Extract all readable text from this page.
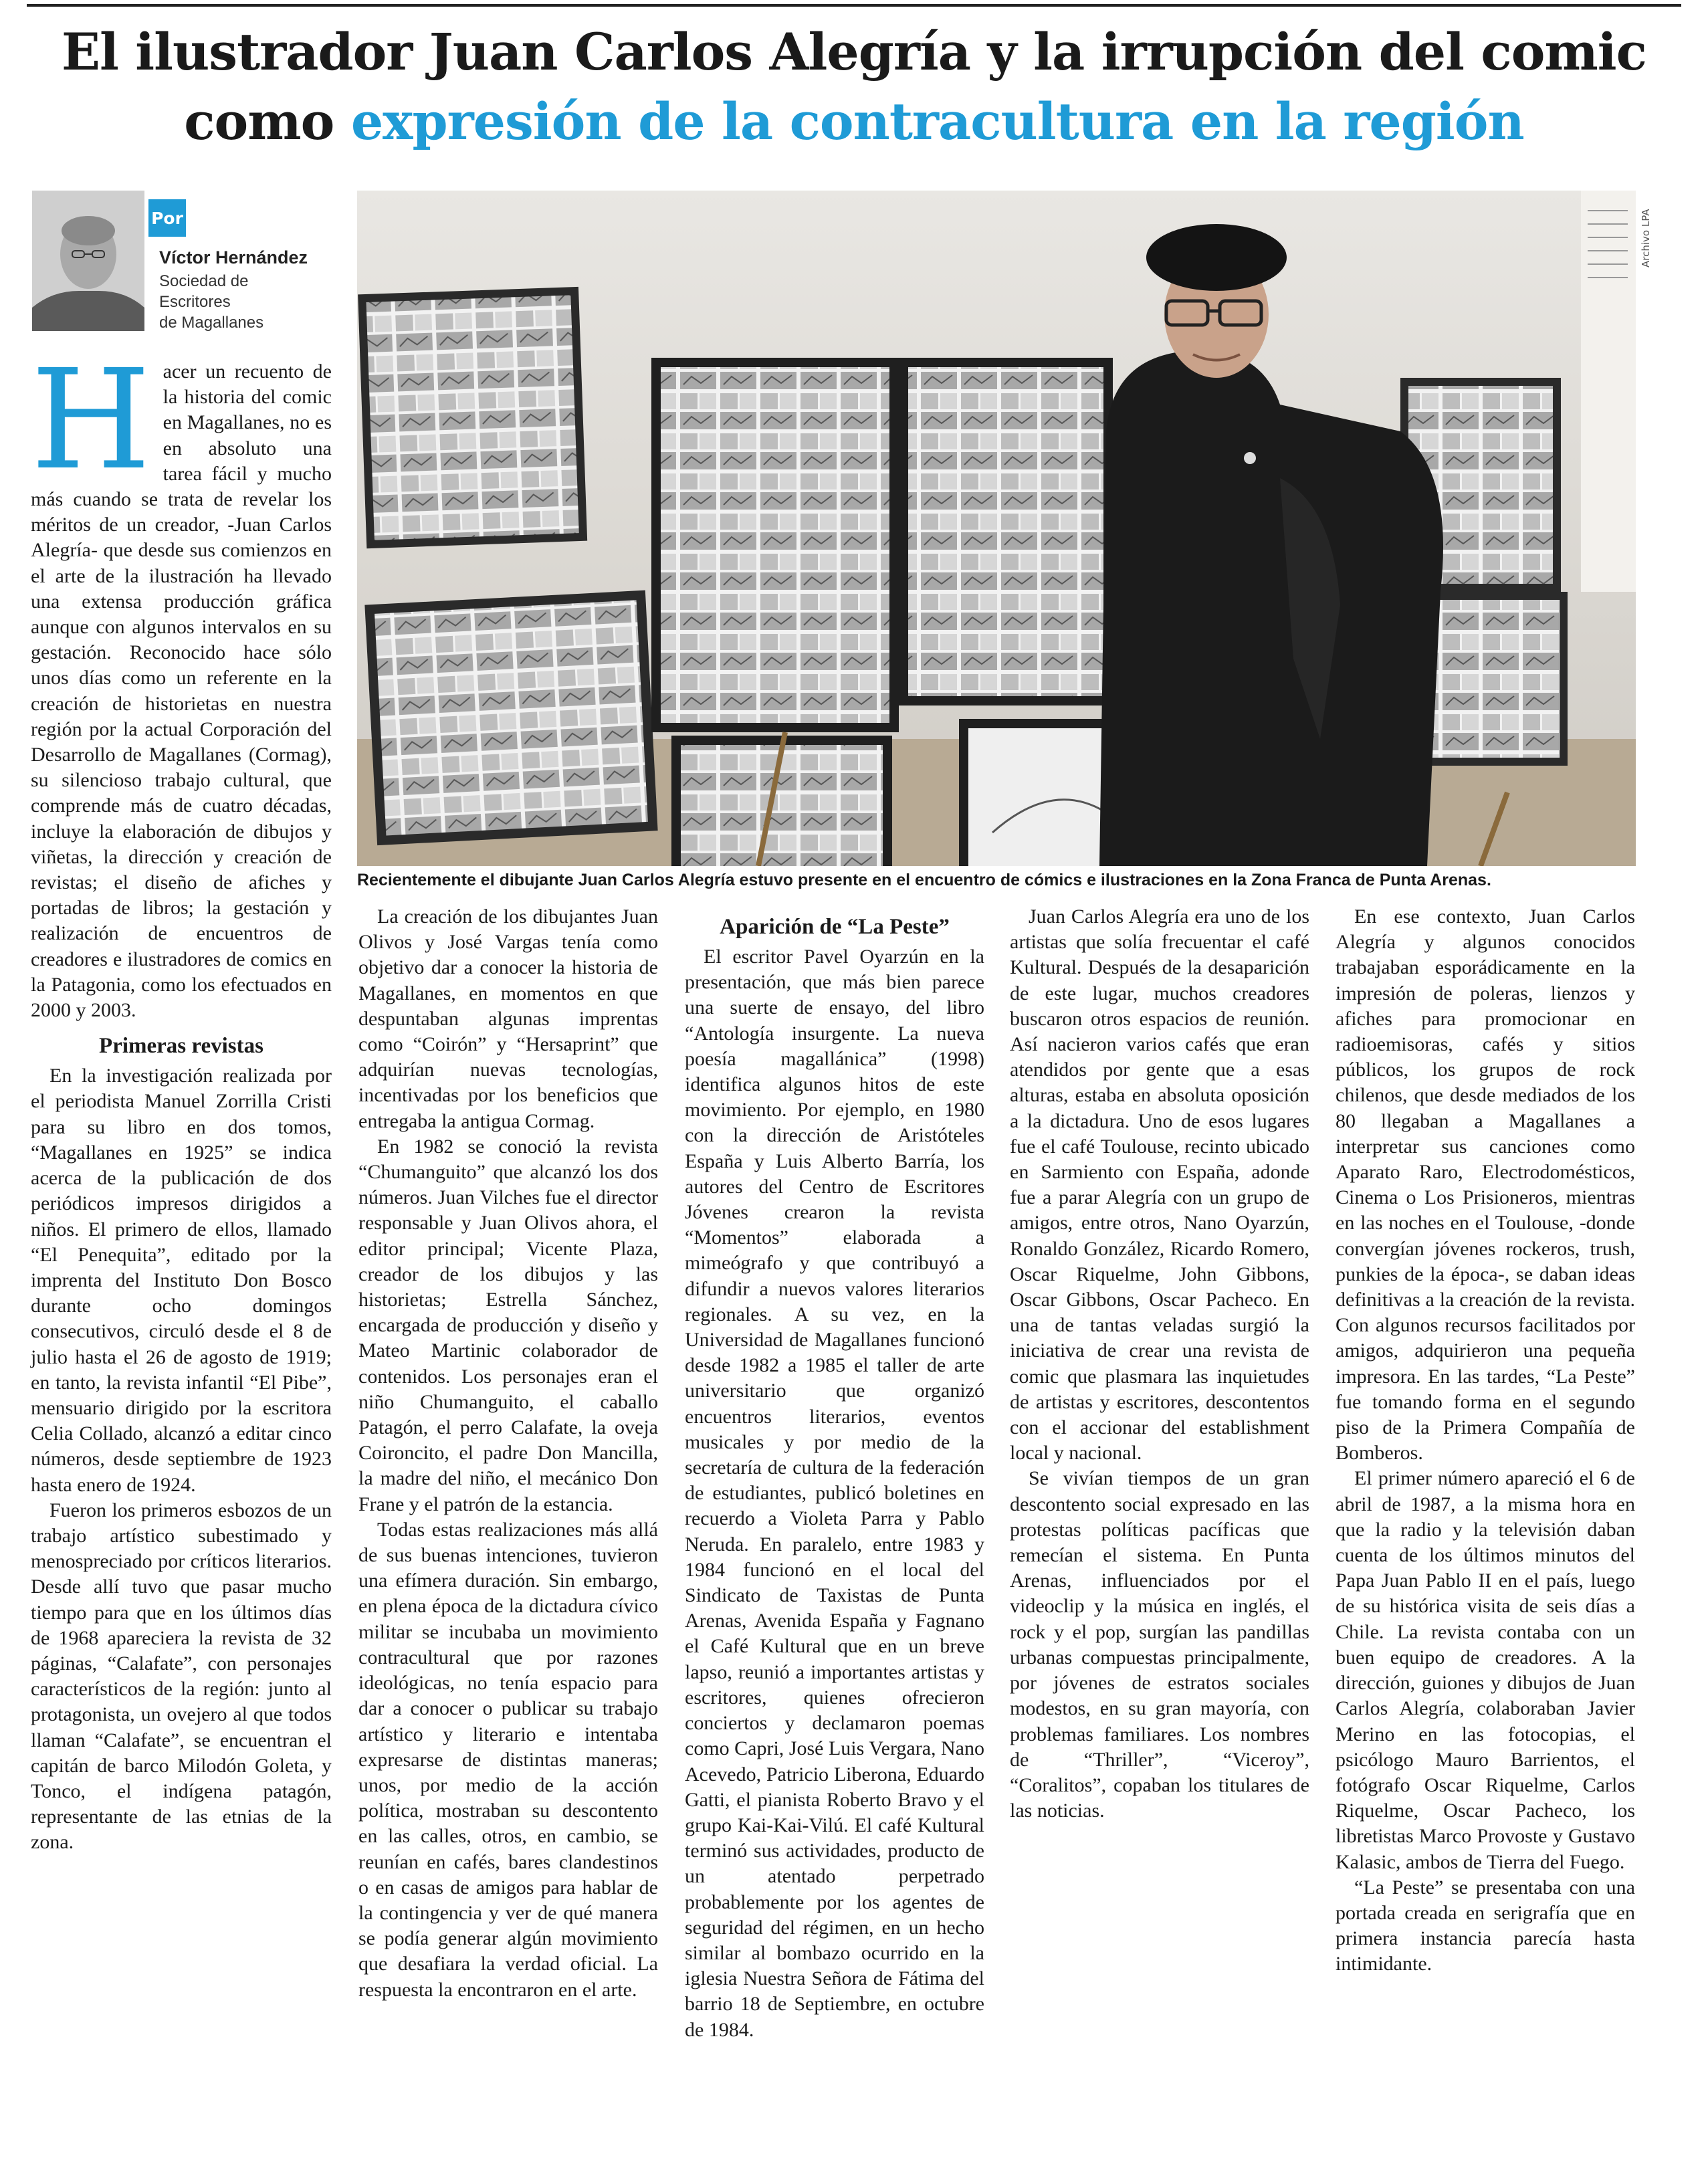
El ilustrador Juan Carlos Alegría y la irrupción del comic como expresión de la contracultura en la región
Por
Víctor Hernández
Sociedad de
Escritores
de Magallanes
Archivo LPA
Recientemente el dibujante Juan Carlos Alegría estuvo presente en el encuentro de cómics e ilustraciones en la Zona Franca de Punta Arenas.
H acer un recuento de la historia del comic en Magallanes, no es en absoluto una tarea fácil y mucho más cuando se trata de revelar los méritos de un creador, -Juan Carlos Alegría- que desde sus comienzos en el arte de la ilustración ha llevado una extensa producción gráfica aunque con algunos intervalos en su gestación. Reconocido hace sólo unos días como un referente en la creación de historietas en nuestra región por la actual Corporación del Desarrollo de Magallanes (Cormag), su silencioso trabajo cultural, que comprende más de cuatro décadas, incluye la elaboración de dibujos y viñetas, la dirección y creación de revistas; el diseño de afiches y portadas de libros; la gestación y realización de encuentros de creadores e ilustradores de comics en la Patagonia, como los efectuados en 2000 y 2003.

Primeras revistas

En la investigación realizada por el periodista Manuel Zorrilla Cristi para su libro en dos tomos, “Magallanes en 1925” se indica acerca de la publicación de dos periódicos impresos dirigidos a niños. El primero de ellos, llamado “El Penequita”, editado por la imprenta del Instituto Don Bosco durante ocho domingos consecutivos, circuló desde el 8 de julio hasta el 26 de agosto de 1919; en tanto, la revista infantil “El Pibe”, mensuario dirigido por la escritora Celia Collado, alcanzó a editar cinco números, desde septiembre de 1923 hasta enero de 1924.

Fueron los primeros esbozos de un trabajo artístico subestimado y menospreciado por críticos literarios. Desde allí tuvo que pasar mucho tiempo para que en los últimos días de 1968 apareciera la revista de 32 páginas, “Calafate”, con personajes característicos de la región: junto al protagonista, un ovejero al que todos llaman “Calafate”, se encuentran el capitán de barco Milodón Goleta, y Tonco, el indígena patagón, representante de las etnias de la zona.

La creación de los dibujantes Juan Olivos y José Vargas tenía como objetivo dar a conocer la historia de Magallanes, en momentos en que despuntaban algunas imprentas como “Coirón” y “Hersaprint” que adquirían nuevas tecnologías, incentivadas por los beneficios que entregaba la antigua Cormag.

En 1982 se conoció la revista “Chumanguito” que alcanzó los dos números. Juan Vilches fue el director responsable y Juan Olivos ahora, el editor principal; Vicente Plaza, creador de los dibujos y las historietas; Estrella Sánchez, encargada de producción y diseño y Mateo Martinic colaborador de contenidos. Los personajes eran el niño Chumanguito, el caballo Patagón, el perro Calafate, la oveja Coironcito, el padre Don Mancilla, la madre del niño, el mecánico Don Frane y el patrón de la estancia.

Todas estas realizaciones más allá de sus buenas intenciones, tuvieron una efímera duración. Sin embargo, en plena época de la dictadura cívico militar se incubaba un movimiento contracultural que por razones ideológicas, no tenía espacio para dar a conocer o publicar su trabajo artístico y literario e intentaba expresarse de distintas maneras; unos, por medio de la acción política, mostraban su descontento en las calles, otros, en cambio, se reunían en cafés, bares clandestinos o en casas de amigos para hablar de la contingencia y ver de qué manera se podía generar algún movimiento que desafiara la verdad oficial. La respuesta la encontraron en el arte.

Aparición de “La Peste”

El escritor Pavel Oyarzún en la presentación, que más bien parece una suerte de ensayo, del libro “Antología insurgente. La nueva poesía magallánica” (1998) identifica algunos hitos de este movimiento. Por ejemplo, en 1980 con la dirección de Aristóteles España y Luis Alberto Barría, los autores del Centro de Escritores Jóvenes crearon la revista “Momentos” elaborada a mimeógrafo y que contribuyó a difundir a nuevos valores literarios regionales. A su vez, en la Universidad de Magallanes funcionó desde 1982 a 1985 el taller de arte universitario que organizó encuentros literarios, eventos musicales y por medio de la secretaría de cultura de la federación de estudiantes, publicó boletines en recuerdo a Violeta Parra y Pablo Neruda. En paralelo, entre 1983 y 1984 funcionó en el local del Sindicato de Taxistas de Punta Arenas, Avenida España y Fagnano el Café Kultural que en un breve lapso, reunió a importantes artistas y escritores, quienes ofrecieron conciertos y declamaron poemas como Capri, José Luis Vergara, Nano Acevedo, Patricio Liberona, Eduardo Gatti, el pianista Roberto Bravo y el grupo Kai-Kai-Vilú. El café Kultural terminó sus actividades, producto de un atentado perpetrado probablemente por los agentes de seguridad del régimen, en un hecho similar al bombazo ocurrido en la iglesia Nuestra Señora de Fátima del barrio 18 de Septiembre, en octubre de 1984.

Juan Carlos Alegría era uno de los artistas que solía frecuentar el café Kultural. Después de la desaparición de este lugar, muchos creadores buscaron otros espacios de reunión. Así nacieron varios cafés que eran atendidos por gente que a esas alturas, estaba en absoluta oposición a la dictadura. Uno de esos lugares fue el café Toulouse, recinto ubicado en Sarmiento con España, adonde fue a parar Alegría con un grupo de amigos, entre otros, Nano Oyarzún, Ronaldo González, Ricardo Romero, Oscar Riquelme, John Gibbons, Oscar Gibbons, Oscar Pacheco. En una de tantas veladas surgió la iniciativa de crear una revista de comic que plasmara las inquietudes de artistas y escritores, descontentos con el accionar del establishment local y nacional.

Se vivían tiempos de un gran descontento social expresado en las protestas políticas pacíficas que remecían el sistema. En Punta Arenas, influenciados por el videoclip y la música en inglés, el rock y el pop, surgían las pandillas urbanas compuestas principalmente, por jóvenes de estratos sociales modestos, en su gran mayoría, con problemas familiares. Los nombres de “Thriller”, “Viceroy”, “Coralitos”, copaban los titulares de las noticias.

En ese contexto, Juan Carlos Alegría y algunos conocidos trabajaban esporádicamente en la impresión de poleras, lienzos y afiches para promocionar en radioemisoras, cafés y sitios públicos, los grupos de rock chilenos, que desde mediados de los 80 llegaban a Magallanes a interpretar sus canciones como Aparato Raro, Electrodomésticos, Cinema o Los Prisioneros, mientras en las noches en el Toulouse, -donde convergían jóvenes rockeros, trush, punkies de la época-, se daban ideas definitivas a la creación de la revista. Con algunos recursos facilitados por amigos, adquirieron una pequeña impresora. En las tardes, “La Peste” fue tomando forma en el segundo piso de la Primera Compañía de Bomberos.

El primer número apareció el 6 de abril de 1987, a la misma hora en que la radio y la televisión daban cuenta de los últimos minutos del Papa Juan Pablo II en el país, luego de su histórica visita de seis días a Chile. La revista contaba con un buen equipo de creadores. A la dirección, guiones y dibujos de Juan Carlos Alegría, colaboraban Javier Merino en las fotocopias, el psicólogo Mauro Barrientos, el fotógrafo Oscar Riquelme, Carlos Riquelme, Oscar Pacheco, los libretistas Marco Provoste y Gustavo Kalasic, ambos de Tierra del Fuego.

“La Peste” se presentaba con una portada creada en serigrafía que en primera instancia parecía hasta intimidante.
